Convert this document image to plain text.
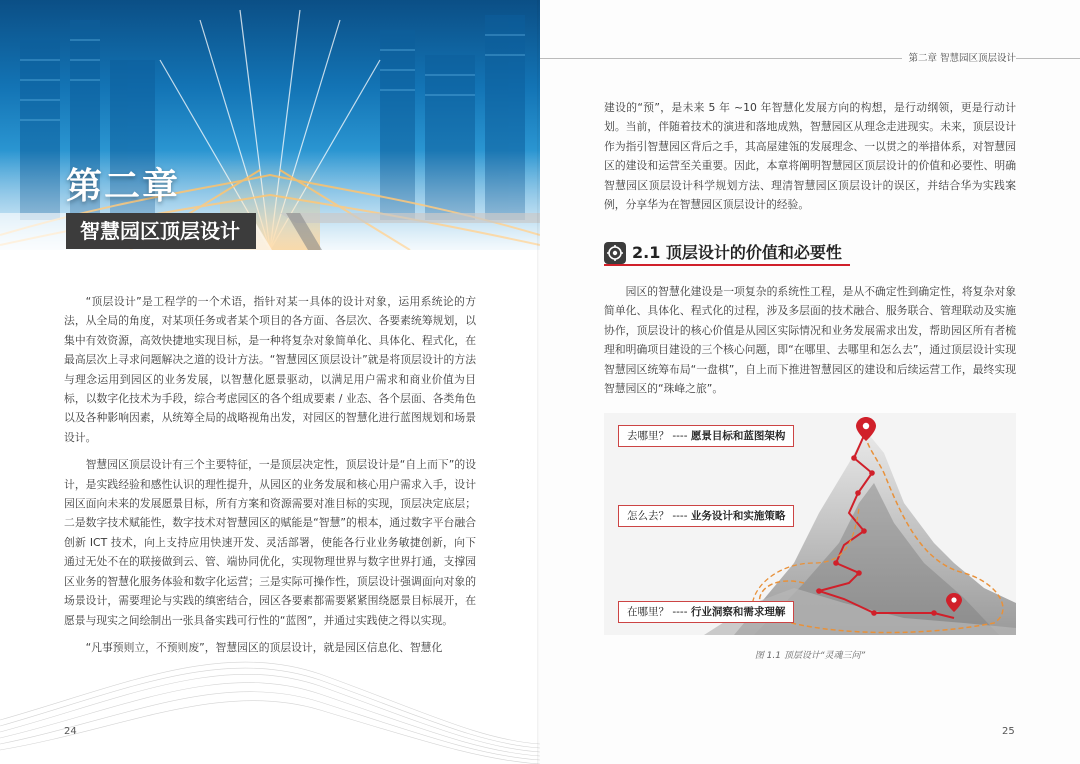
第二章
智慧园区顶层设计

“顶层设计”是工程学的一个术语，指针对某一具体的设计对象，运用系统论的方法，从全局的角度，对某项任务或者某个项目的各方面、各层次、各要素统筹规划，以集中有效资源，高效快捷地实现目标，是一种将复杂对象简单化、具体化、程式化，在最高层次上寻求问题解决之道的设计方法。“智慧园区顶层设计”就是将顶层设计的方法与理念运用到园区的业务发展，以智慧化愿景驱动，以满足用户需求和商业价值为目标，以数字化技术为手段，综合考虑园区的各个组成要素 / 业态、各个层面、各类角色以及各种影响因素，从统筹全局的战略视角出发，对园区的智慧化进行蓝图规划和场景设计。

智慧园区顶层设计有三个主要特征，一是顶层决定性，顶层设计是“自上而下”的设计，是实践经验和感性认识的理性提升，从园区的业务发展和核心用户需求入手，设计园区面向未来的发展愿景目标，所有方案和资源需要对准目标的实现，顶层决定底层；二是数字技术赋能性，数字技术对智慧园区的赋能是“智慧”的根本，通过数字平台融合创新 ICT 技术，向上支持应用快速开发、灵活部署，使能各行业业务敏捷创新，向下通过无处不在的联接做到云、管、端协同优化，实现物理世界与数字世界打通，支撑园区业务的智慧化服务体验和数字化运营；三是实际可操作性，顶层设计强调面向对象的场景设计，需要理论与实践的缜密结合，园区各要素都需要紧紧围绕愿景目标展开，在愿景与现实之间绘制出一张具备实践可行性的“蓝图”，并通过实践使之得以实现。

“凡事预则立，不预则废”，智慧园区的顶层设计，就是园区信息化、智慧化

24
第二章 智慧园区顶层设计

建设的“预”，是未来 5 年 ~10 年智慧化发展方向的构想，是行动纲领，更是行动计划。当前，伴随着技术的演进和落地成熟，智慧园区从理念走进现实。未来，顶层设计作为指引智慧园区背后之手，其高屋建瓴的发展理念、一以贯之的举措体系，对智慧园区的建设和运营至关重要。因此，本章将阐明智慧园区顶层设计的价值和必要性、明确智慧园区顶层设计科学规划方法、理清智慧园区顶层设计的误区，并结合华为实践案例，分享华为在智慧园区顶层设计的经验。

2.1 顶层设计的价值和必要性

园区的智慧化建设是一项复杂的系统性工程，是从不确定性到确定性，将复杂对象简单化、具体化、程式化的过程，涉及多层面的技术融合、服务联合、管理联动及实施协作，顶层设计的核心价值是从园区实际情况和业务发展需求出发，帮助园区所有者梳理和明确项目建设的三个核心问题，即“在哪里、去哪里和怎么去”，通过顶层设计实现智慧园区统筹布局“一盘棋”，自上而下推进智慧园区的建设和后续运营工作，最终实现智慧园区的“珠峰之旅”。

去哪里？ ---- 愿景目标和蓝图架构
怎么去？ ---- 业务设计和实施策略
在哪里？ ---- 行业洞察和需求理解
图 1.1 顶层设计“灵魂三问”
25
